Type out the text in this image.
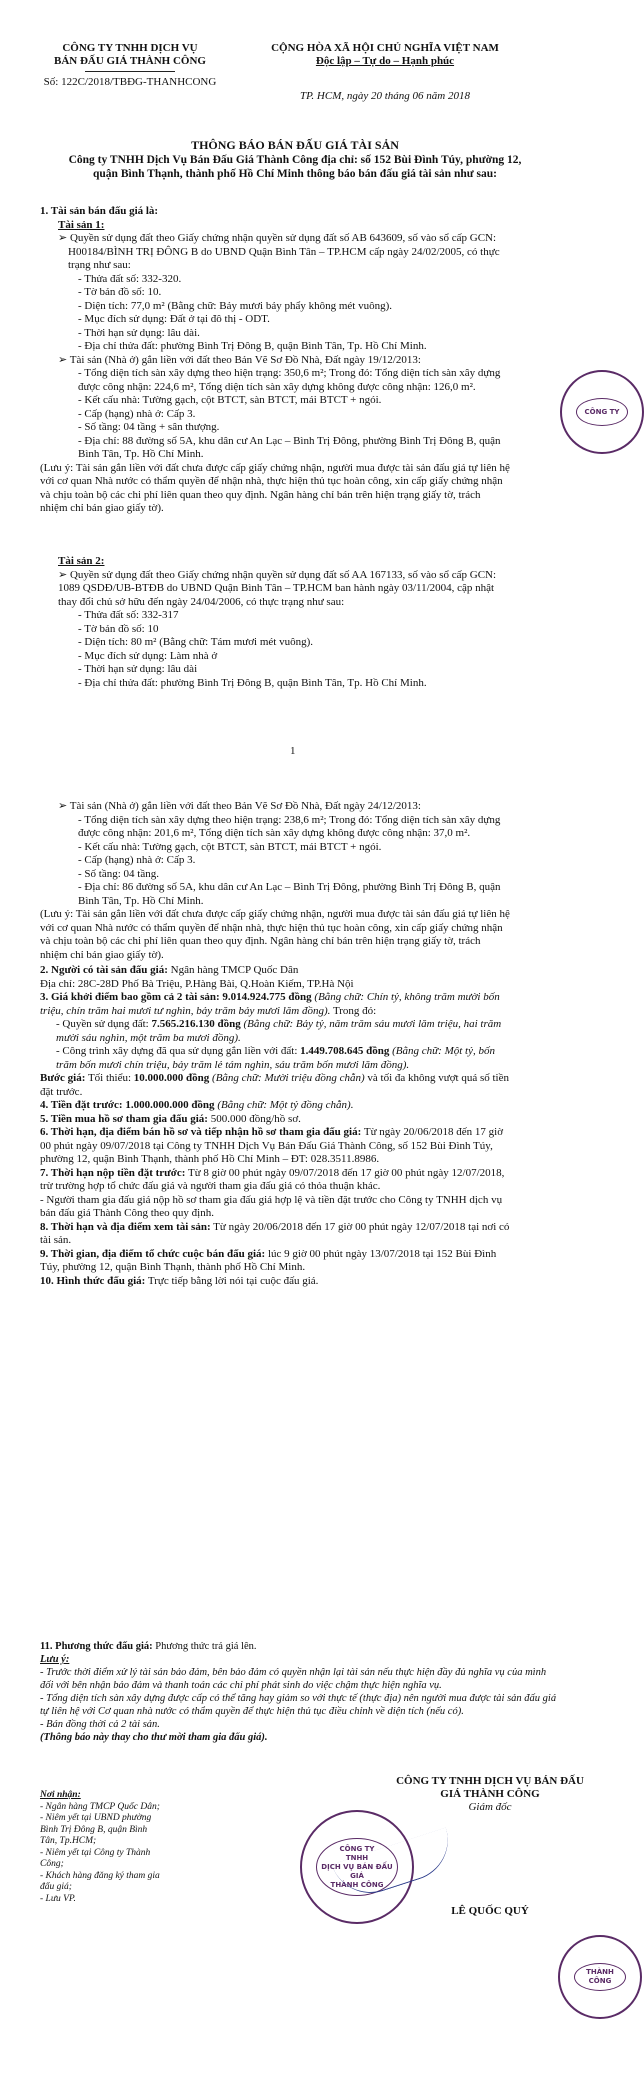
CÔNG TY TNHH DỊCH VỤ
BÁN ĐẤU GIÁ THÀNH CÔNG
Số: 122C/2018/TBĐG-THANHCONG
CỘNG HÒA XÃ HỘI CHỦ NGHĨA VIỆT NAM
Độc lập – Tự do – Hạnh phúc
TP. HCM, ngày 20 tháng 06 năm 2018
THÔNG BÁO BÁN ĐẤU GIÁ TÀI SẢN
Công ty TNHH Dịch Vụ Bán Đấu Giá Thành Công địa chỉ: số 152 Bùi Đình Túy, phường 12, quận Bình Thạnh, thành phố Hồ Chí Minh thông báo bán đấu giá tài sản như sau:
1. Tài sản bán đấu giá là:
Tài sản 1:
➢ Quyền sử dụng đất theo Giấy chứng nhận quyền sử dụng đất số AB 643609, số vào sổ cấp GCN: H00184/BÌNH TRỊ ĐÔNG B do UBND Quận Bình Tân – TP.HCM cấp ngày 24/02/2005, có thực trạng như sau:
- Thửa đất số: 332-320.
- Tờ bản đồ số: 10.
- Diện tích: 77,0 m² (Bằng chữ: Bảy mươi bảy phẩy không mét vuông).
- Mục đích sử dụng: Đất ở tại đô thị - ODT.
- Thời hạn sử dụng: lâu dài.
- Địa chỉ thửa đất: phường Bình Trị Đông B, quận Bình Tân, Tp. Hồ Chí Minh.
➢ Tài sản (Nhà ở) gắn liền với đất theo Bản Vẽ Sơ Đồ Nhà, Đất ngày 19/12/2013:
- Tổng diện tích sàn xây dựng theo hiện trạng: 350,6 m²; Trong đó: Tổng diện tích sàn xây dựng được công nhận: 224,6 m², Tổng diện tích sàn xây dựng không được công nhận: 126,0 m².
- Kết cấu nhà: Tường gạch, cột BTCT, sàn BTCT, mái BTCT + ngói.
- Cấp (hạng) nhà ở: Cấp 3.
- Số tầng: 04 tầng + sân thượng.
- Địa chỉ: 88 đường số 5A, khu dân cư An Lạc – Bình Trị Đông, phường Bình Trị Đông B, quận Bình Tân, Tp. Hồ Chí Minh.
(Lưu ý: Tài sản gắn liền với đất chưa được cấp giấy chứng nhận, người mua được tài sản đấu giá tự liên hệ với cơ quan Nhà nước có thẩm quyền để nhận nhà, thực hiện thủ tục hoàn công, xin cấp giấy chứng nhận và chịu toàn bộ các chi phí liên quan theo quy định. Ngân hàng chỉ bán trên hiện trạng giấy tờ, trách nhiệm chỉ bán giao giấy tờ).
CÔNG TY
Tài sản 2:
➢ Quyền sử dụng đất theo Giấy chứng nhận quyền sử dụng đất số AA 167133, số vào sổ cấp GCN: 1089 QSDĐ/UB-BTĐB do UBND Quận Bình Tân – TP.HCM ban hành ngày 03/11/2004, cập nhật thay đổi chủ sở hữu đến ngày 24/04/2006, có thực trạng như sau:
- Thửa đất số: 332-317
- Tờ bản đồ số: 10
- Diện tích: 80 m² (Bằng chữ: Tám mươi mét vuông).
- Mục đích sử dụng: Làm nhà ở
- Thời hạn sử dụng: lâu dài
- Địa chỉ thửa đất: phường Bình Trị Đông B, quận Bình Tân, Tp. Hồ Chí Minh.
1
➢ Tài sản (Nhà ở) gắn liền với đất theo Bản Vẽ Sơ Đồ Nhà, Đất ngày 24/12/2013:
- Tổng diện tích sàn xây dựng theo hiện trạng: 238,6 m²; Trong đó: Tổng diện tích sàn xây dựng được công nhận: 201,6 m², Tổng diện tích sàn xây dựng không được công nhận: 37,0 m².
- Kết cấu nhà: Tường gạch, cột BTCT, sàn BTCT, mái BTCT + ngói.
- Cấp (hạng) nhà ở: Cấp 3.
- Số tầng: 04 tầng.
- Địa chỉ: 86 đường số 5A, khu dân cư An Lạc – Bình Trị Đông, phường Bình Trị Đông B, quận Bình Tân, Tp. Hồ Chí Minh.
(Lưu ý: Tài sản gắn liền với đất chưa được cấp giấy chứng nhận, người mua được tài sản đấu giá tự liên hệ với cơ quan Nhà nước có thẩm quyền để nhận nhà, thực hiện thủ tục hoàn công, xin cấp giấy chứng nhận và chịu toàn bộ các chi phí liên quan theo quy định. Ngân hàng chỉ bán trên hiện trạng giấy tờ, trách nhiệm chỉ bán giao giấy tờ).
2. Người có tài sản đấu giá: Ngân hàng TMCP Quốc Dân
Địa chỉ: 28C-28D Phố Bà Triệu, P.Hàng Bài, Q.Hoàn Kiếm, TP.Hà Nội
3. Giá khởi điểm bao gồm cả 2 tài sản: 9.014.924.775 đồng (Bằng chữ: Chín tỷ, không trăm mười bốn triệu, chín trăm hai mươi tư nghìn, bảy trăm bảy mươi lăm đồng). Trong đó:
- Quyền sử dụng đất: 7.565.216.130 đồng (Bằng chữ: Bảy tỷ, năm trăm sáu mươi lăm triệu, hai trăm mười sáu nghìn, một trăm ba mươi đồng).
- Công trình xây dựng đã qua sử dụng gắn liền với đất: 1.449.708.645 đồng (Bằng chữ: Một tỷ, bốn trăm bốn mươi chín triệu, bảy trăm lẻ tám nghìn, sáu trăm bốn mươi lăm đồng).
Bước giá: Tối thiểu: 10.000.000 đồng (Bằng chữ: Mười triệu đồng chẵn) và tối đa không vượt quá số tiền đặt trước.
4. Tiền đặt trước: 1.000.000.000 đồng (Bằng chữ: Một tỷ đồng chẵn).
5. Tiền mua hồ sơ tham gia đấu giá: 500.000 đồng/hồ sơ.
6. Thời hạn, địa điểm bán hồ sơ và tiếp nhận hồ sơ tham gia đấu giá: Từ ngày 20/06/2018 đến 17 giờ 00 phút ngày 09/07/2018 tại Công ty TNHH Dịch Vụ Bán Đấu Giá Thành Công, số 152 Bùi Đình Túy, phường 12, quận Bình Thạnh, thành phố Hồ Chí Minh – ĐT: 028.3511.8986.
7. Thời hạn nộp tiền đặt trước: Từ 8 giờ 00 phút ngày 09/07/2018 đến 17 giờ 00 phút ngày 12/07/2018, trừ trường hợp tổ chức đấu giá và người tham gia đấu giá có thỏa thuận khác.
- Người tham gia đấu giá nộp hồ sơ tham gia đấu giá hợp lệ và tiền đặt trước cho Công ty TNHH dịch vụ bán đấu giá Thành Công theo quy định.
8. Thời hạn và địa điểm xem tài sản: Từ ngày 20/06/2018 đến 17 giờ 00 phút ngày 12/07/2018 tại nơi có tài sản.
9. Thời gian, địa điểm tổ chức cuộc bán đấu giá: lúc 9 giờ 00 phút ngày 13/07/2018 tại 152 Bùi Đình Túy, phường 12, quận Bình Thạnh, thành phố Hồ Chí Minh.
10. Hình thức đấu giá: Trực tiếp bằng lời nói tại cuộc đấu giá.
11. Phương thức đấu giá: Phương thức trả giá lên.
Lưu ý:
- Trước thời điểm xử lý tài sản bảo đảm, bên bảo đảm có quyền nhận lại tài sản nếu thực hiện đầy đủ nghĩa vụ của mình đối với bên nhận bảo đảm và thanh toán các chi phí phát sinh do việc chậm thực hiện nghĩa vụ.
- Tổng diện tích sàn xây dựng được cấp có thể tăng hay giảm so với thực tế (thực địa) nên người mua được tài sản đấu giá tự liên hệ với Cơ quan nhà nước có thẩm quyền để thực hiện thủ tục điều chỉnh về diện tích (nếu có).
- Bán đồng thời cả 2 tài sản.
(Thông báo này thay cho thư mời tham gia đấu giá).
Nơi nhận:
- Ngân hàng TMCP Quốc Dân;
- Niêm yết tại UBND phường Bình Trị Đông B, quận Bình Tân, Tp.HCM;
- Niêm yết tại Công ty Thành Công;
- Khách hàng đăng ký tham gia đấu giá;
- Lưu VP.
CÔNG TY TNHH DỊCH VỤ BÁN ĐẤU GIÁ THÀNH CÔNG
Giám đốc
CÔNG TY
TNHH
DỊCH VỤ BÁN ĐẤU GIÁ
THÀNH CÔNG
LÊ QUỐC QUÝ
THÀNH CÔNG
